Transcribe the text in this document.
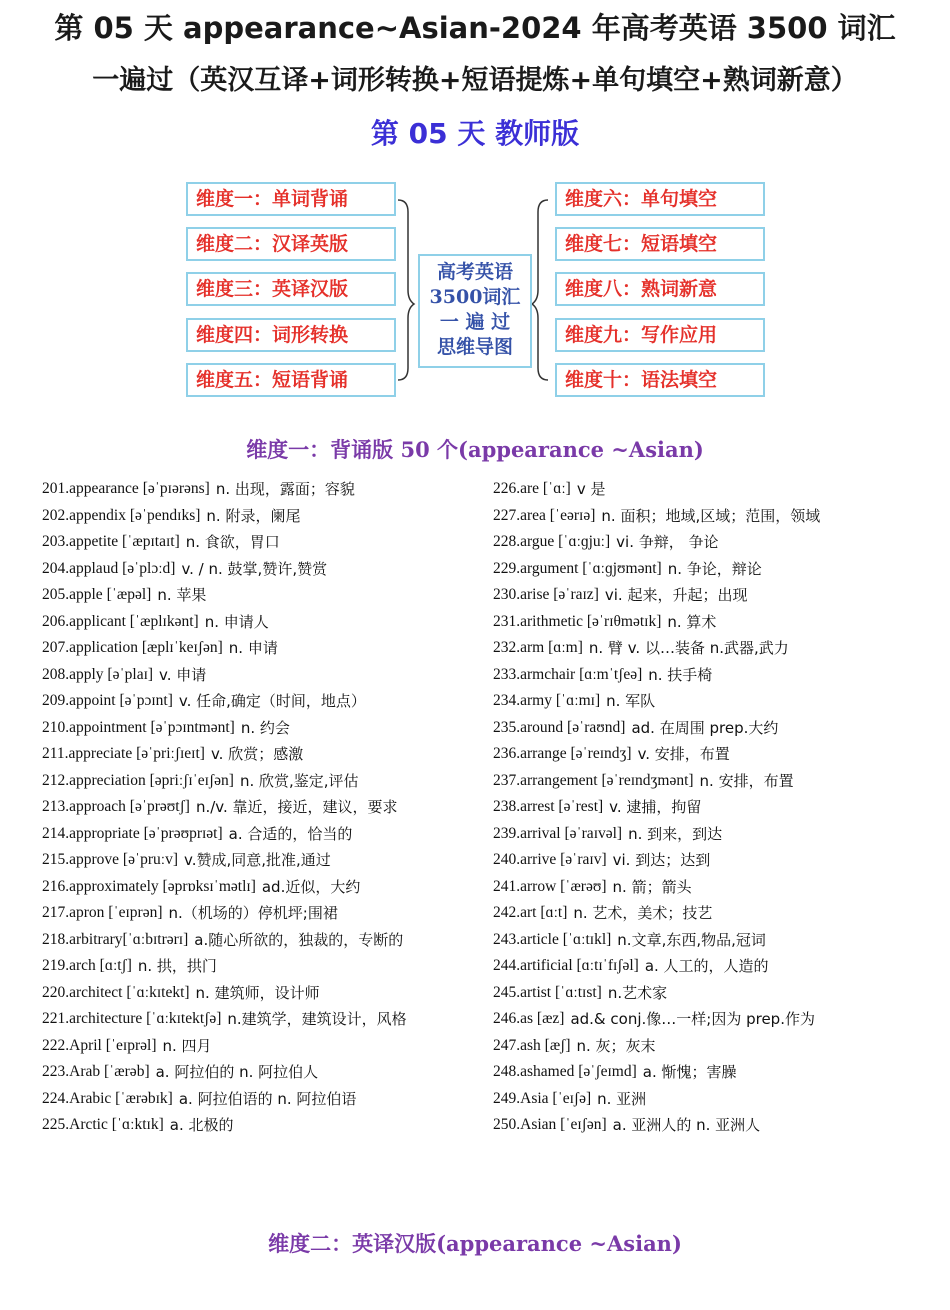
第 05 天 appearance~Asian-2024 年高考英语 3500 词汇
一遍过（英汉互译+词形转换+短语提炼+单句填空+熟词新意）
第 05 天 教师版
维度一：单词背诵
维度二：汉译英版
维度三：英译汉版
维度四：词形转换
维度五：短语背诵
维度六：单句填空
维度七：短语填空
维度八：熟词新意
维度九：写作应用
维度十：语法填空
高考英语
3500词汇
一 遍 过
思维导图
维度一：背诵版 50 个(appearance ~Asian)
201.appearance [əˈpɪərəns] n. 出现，露面；容貌
202.appendix [əˈpendɪks] n. 附录，阑尾
203.appetite [ˈæpɪtaɪt] n. 食欲，胃口
204.applaud [əˈplɔːd] v. / n. 鼓掌,赞许,赞赏
205.apple [ˈæpəl] n. 苹果
206.applicant [ˈæplɪkənt] n. 申请人
207.application [æplɪˈkeɪʃən] n. 申请
208.apply [əˈplaɪ] v. 申请
209.appoint [əˈpɔɪnt] v. 任命,确定（时间，地点）
210.appointment [əˈpɔɪntmənt] n. 约会
211.appreciate [əˈpriːʃɪeɪt] v. 欣赏；感激
212.appreciation [əpriːʃɪˈeɪʃən] n. 欣赏,鉴定,评估
213.approach [əˈprəʊtʃ] n./v. 靠近，接近，建议，要求
214.appropriate [əˈprəʊprɪət] a. 合适的，恰当的
215.approve [əˈpruːv] v.赞成,同意,批准,通过
216.approximately [əprɒksɪˈmətlɪ] ad.近似，大约
217.apron [ˈeɪprən] n.（机场的）停机坪;围裙
218.arbitrary[ˈɑːbɪtrərɪ] a.随心所欲的，独裁的，专断的
219.arch [ɑːtʃ] n. 拱，拱门
220.architect [ˈɑːkɪtekt] n. 建筑师，设计师
221.architecture [ˈɑːkɪtektʃə] n.建筑学，建筑设计，风格
222.April [ˈeɪprəl] n. 四月
223.Arab [ˈærəb] a. 阿拉伯的 n. 阿拉伯人
224.Arabic [ˈærəbɪk] a. 阿拉伯语的 n. 阿拉伯语
225.Arctic [ˈɑːktɪk] a. 北极的
226.are [ˈɑː] v 是
227.area [ˈeərɪə] n. 面积；地域,区域；范围，领域
228.argue [ˈɑːɡjuː] vi. 争辩， 争论
229.argument [ˈɑːɡjʊmənt] n. 争论，辩论
230.arise [əˈraɪz] vi. 起来，升起；出现
231.arithmetic [əˈrɪθmətɪk] n. 算术
232.arm [ɑːm] n. 臂 v. 以…装备 n.武器,武力
233.armchair [ɑːmˈtʃeə] n. 扶手椅
234.army [ˈɑːmɪ] n. 军队
235.around [əˈraʊnd] ad. 在周围 prep.大约
236.arrange [əˈreɪndʒ] v. 安排，布置
237.arrangement [əˈreɪndʒmənt] n. 安排，布置
238.arrest [əˈrest] v. 逮捕，拘留
239.arrival [əˈraɪvəl] n. 到来，到达
240.arrive [əˈraɪv] vi. 到达；达到
241.arrow [ˈærəʊ] n. 箭；箭头
242.art [ɑːt] n. 艺术，美术；技艺
243.article [ˈɑːtɪkl] n.文章,东西,物品,冠词
244.artificial [ɑːtɪˈfɪʃəl] a. 人工的，人造的
245.artist [ˈɑːtɪst] n.艺术家
246.as [æz] ad.& conj.像…一样;因为 prep.作为
247.ash [æʃ] n. 灰；灰末
248.ashamed [əˈʃeɪmd] a. 惭愧；害臊
249.Asia [ˈeɪʃə] n. 亚洲
250.Asian [ˈeɪʃən] a. 亚洲人的 n. 亚洲人
维度二：英译汉版(appearance ~Asian)
